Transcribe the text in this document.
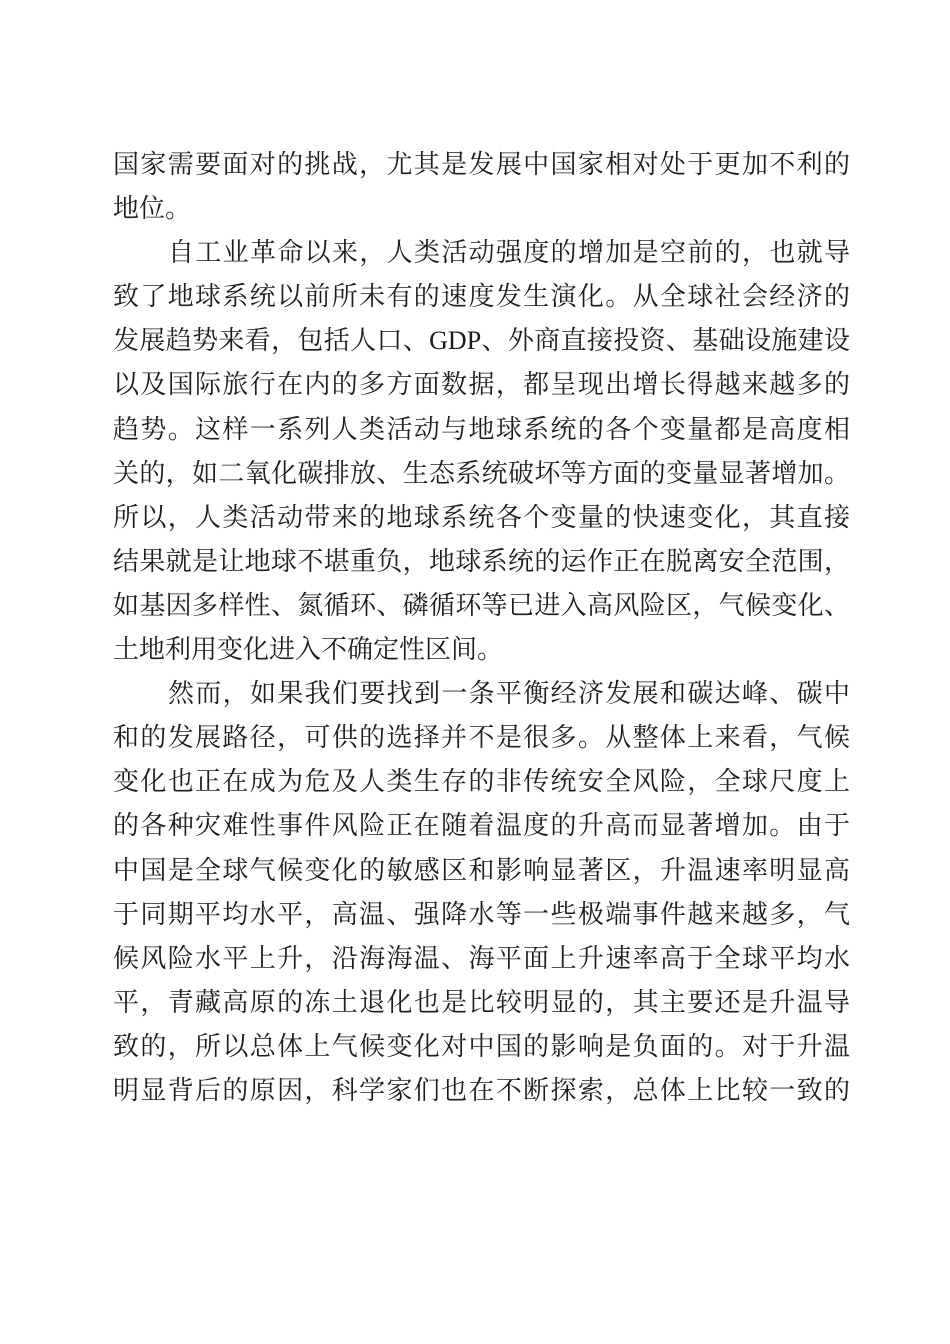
国家需要面对的挑战，尤其是发展中国家相对处于更加不利的
地位。
自工业革命以来，人类活动强度的增加是空前的，也就导
致了地球系统以前所未有的速度发生演化。从全球社会经济的
发展趋势来看，包括人口、GDP、外商直接投资、基础设施建设
以及国际旅行在内的多方面数据，都呈现出增长得越来越多的
趋势。这样一系列人类活动与地球系统的各个变量都是高度相
关的，如二氧化碳排放、生态系统破坏等方面的变量显著增加。
所以，人类活动带来的地球系统各个变量的快速变化，其直接
结果就是让地球不堪重负，地球系统的运作正在脱离安全范围，
如基因多样性、氮循环、磷循环等已进入高风险区，气候变化、
土地利用变化进入不确定性区间。
然而，如果我们要找到一条平衡经济发展和碳达峰、碳中
和的发展路径，可供的选择并不是很多。从整体上来看，气候
变化也正在成为危及人类生存的非传统安全风险，全球尺度上
的各种灾难性事件风险正在随着温度的升高而显著增加。由于
中国是全球气候变化的敏感区和影响显著区，升温速率明显高
于同期平均水平，高温、强降水等一些极端事件越来越多，气
候风险水平上升，沿海海温、海平面上升速率高于全球平均水
平，青藏高原的冻土退化也是比较明显的，其主要还是升温导
致的，所以总体上气候变化对中国的影响是负面的。对于升温
明显背后的原因，科学家们也在不断探索，总体上比较一致的
